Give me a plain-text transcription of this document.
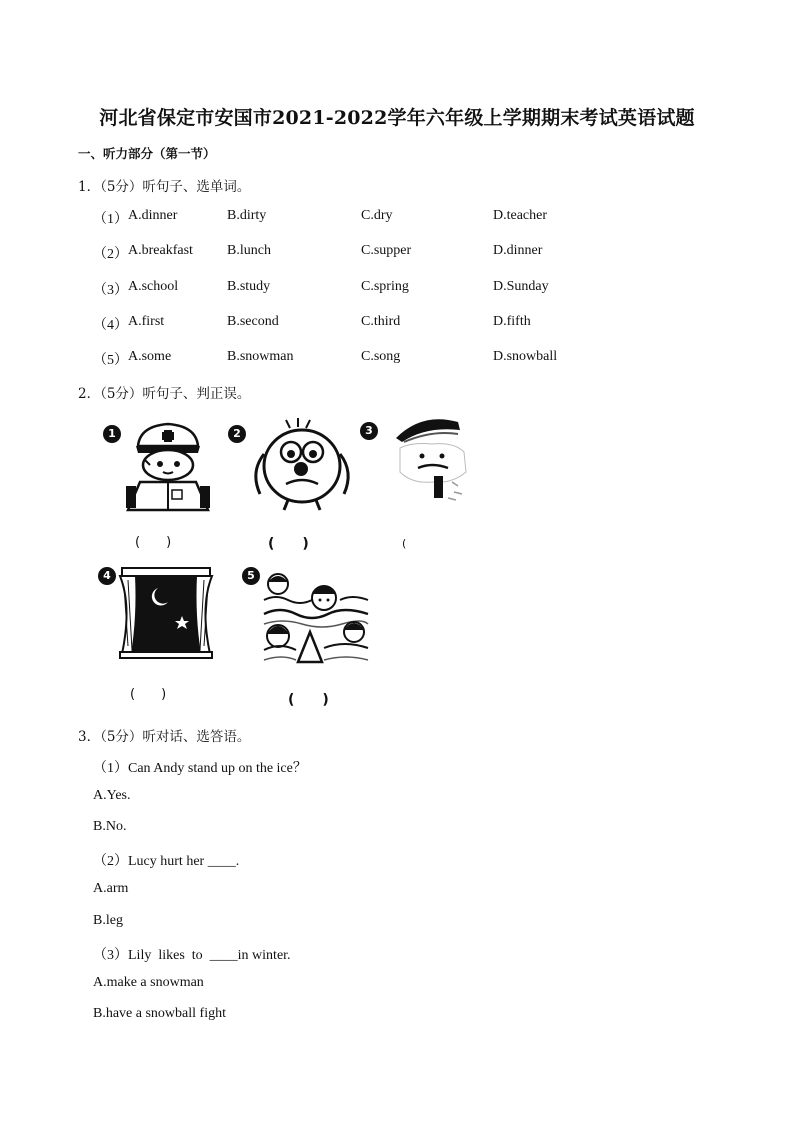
河北省保定市安国市2021-2022学年六年级上学期期末考试英语试题
一、听力部分（第一节）
1．（5分）听句子、选单词。
（1） A.dinner	B.dirty	C.dry	D.teacher
（2） A.breakfast B.lunch	C.supper	D.dinner
（3） A.school	B.study	C.spring	D.Sunday
（4） A.first	B.second	C.third	D.fifth
（5） A.some	B.snowman	C.song	D.snowball
2．（5分）听句子、判正误。
1
(　　)
2
(　　)
3
(
4
(　　)
5
(　　)
3．（5分）听对话、选答语。
（1）Can Andy stand up on the ice？
A.Yes.
B.No.
（2）Lucy hurt her ____.
A.arm
B.leg
（3）Lily  likes  to  ____in winter.
A.make a snowman
B.have a snowball fight
